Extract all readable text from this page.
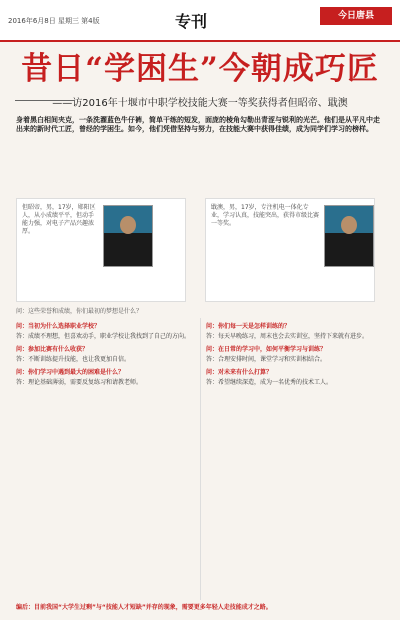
2016年6月8日 星期三 第4版	专刊	今日唐县
昔日“学困生”今朝成巧匠
——访2016年十堰市中职学校技能大赛一等奖获得者但昭帝、戢澳
身着黑白相间夹克，一条洗濯蓝色牛仔裤，简单干练的短发，面庞的棱角勾勒出青涩与锐利的光芒。他们是从平凡中走出来的新时代工匠，曾经的学困生。如今，他们凭借坚持与努力，在技能大赛中获得佳绩，成为同学们学习的榜样。
但昭帝，男，17岁，郧阳区人，从小成绩平平，但动手能力强，对电子产品兴趣浓厚。
戢澳，男，17岁，专注机电一体化专业，学习认真，技能突出，获得市级比赛一等奖。
问：这些荣誉和成绩，你们最初的梦想是什么？
问：当初为什么选择职业学校？
答：成绩不理想，但喜欢动手，职业学校让我找到了自己的方向。
问：参加比赛有什么收获？
答：不断训练提升技能，也让我更加自信。
问：你们学习中遇到最大的困难是什么？
答：理论基础薄弱，需要反复练习和请教老师。
问：你们每一天是怎样训练的？
答：每天早晚练习，周末也会去实训室，坚持下来就有进步。
问：在日常的学习中，如何平衡学习与训练？
答：合理安排时间，课堂学习和实训相结合。
问：对未来有什么打算？
答：希望继续深造，成为一名优秀的技术工人。
编后：目前我国“大学生过剩”与“技能人才短缺”并存的现象，需要更多年轻人走技能成才之路。
